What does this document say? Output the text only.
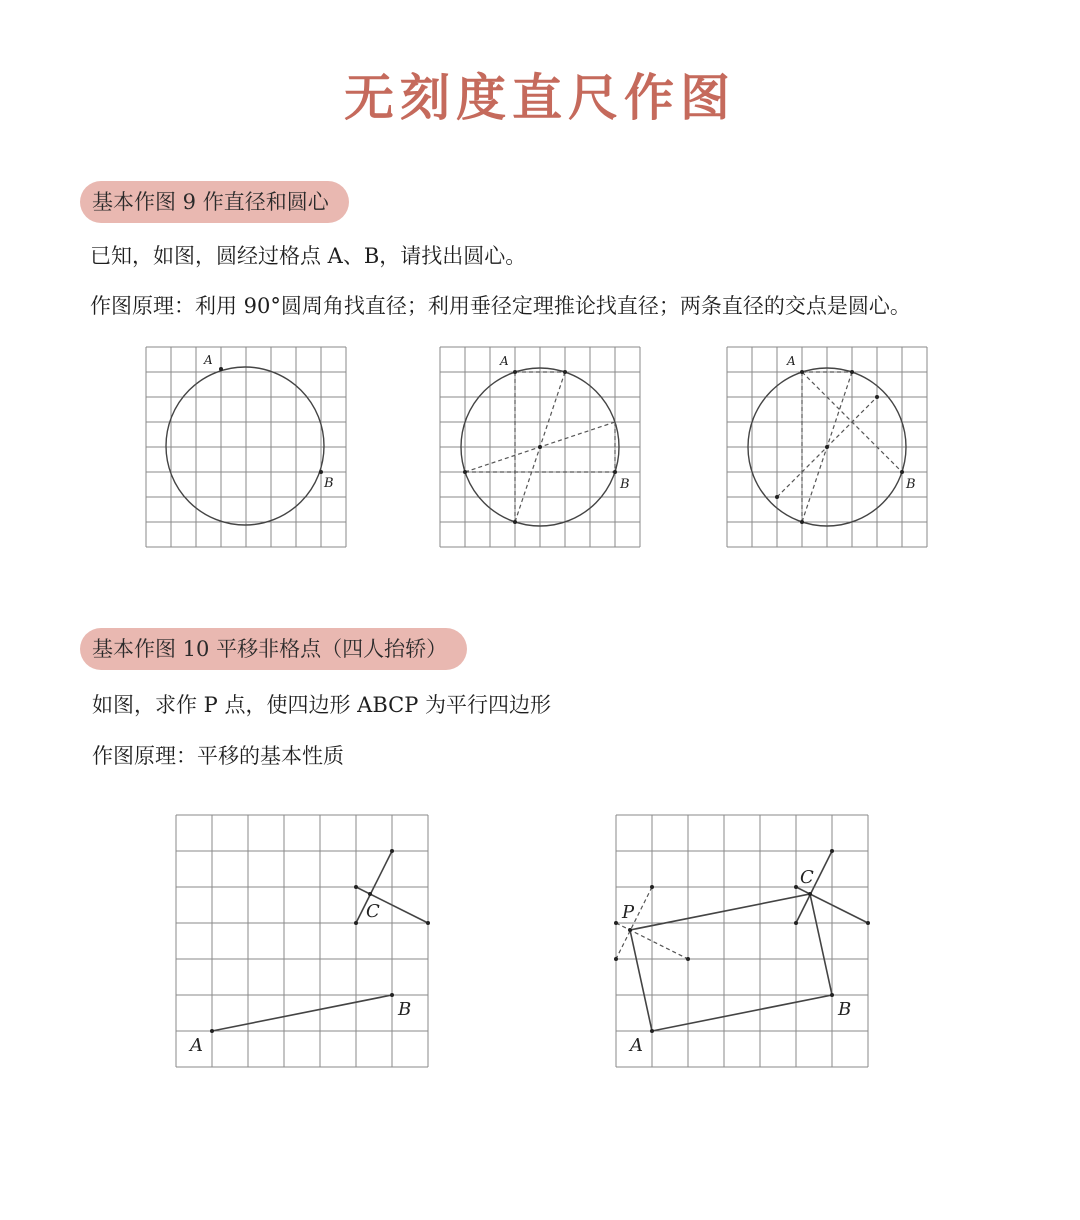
无刻度直尺作图
基本作图 9 作直径和圆心
已知，如图，圆经过格点 A、B，请找出圆心。
作图原理：利用 90°圆周角找直径；利用垂径定理推论找直径；两条直径的交点是圆心。
A
B
A
B
A
B
基本作图 10 平移非格点（四人抬轿）
如图，求作 P 点，使四边形 ABCP 为平行四边形
作图原理：平移的基本性质
A
B
C
A
B
C
P
